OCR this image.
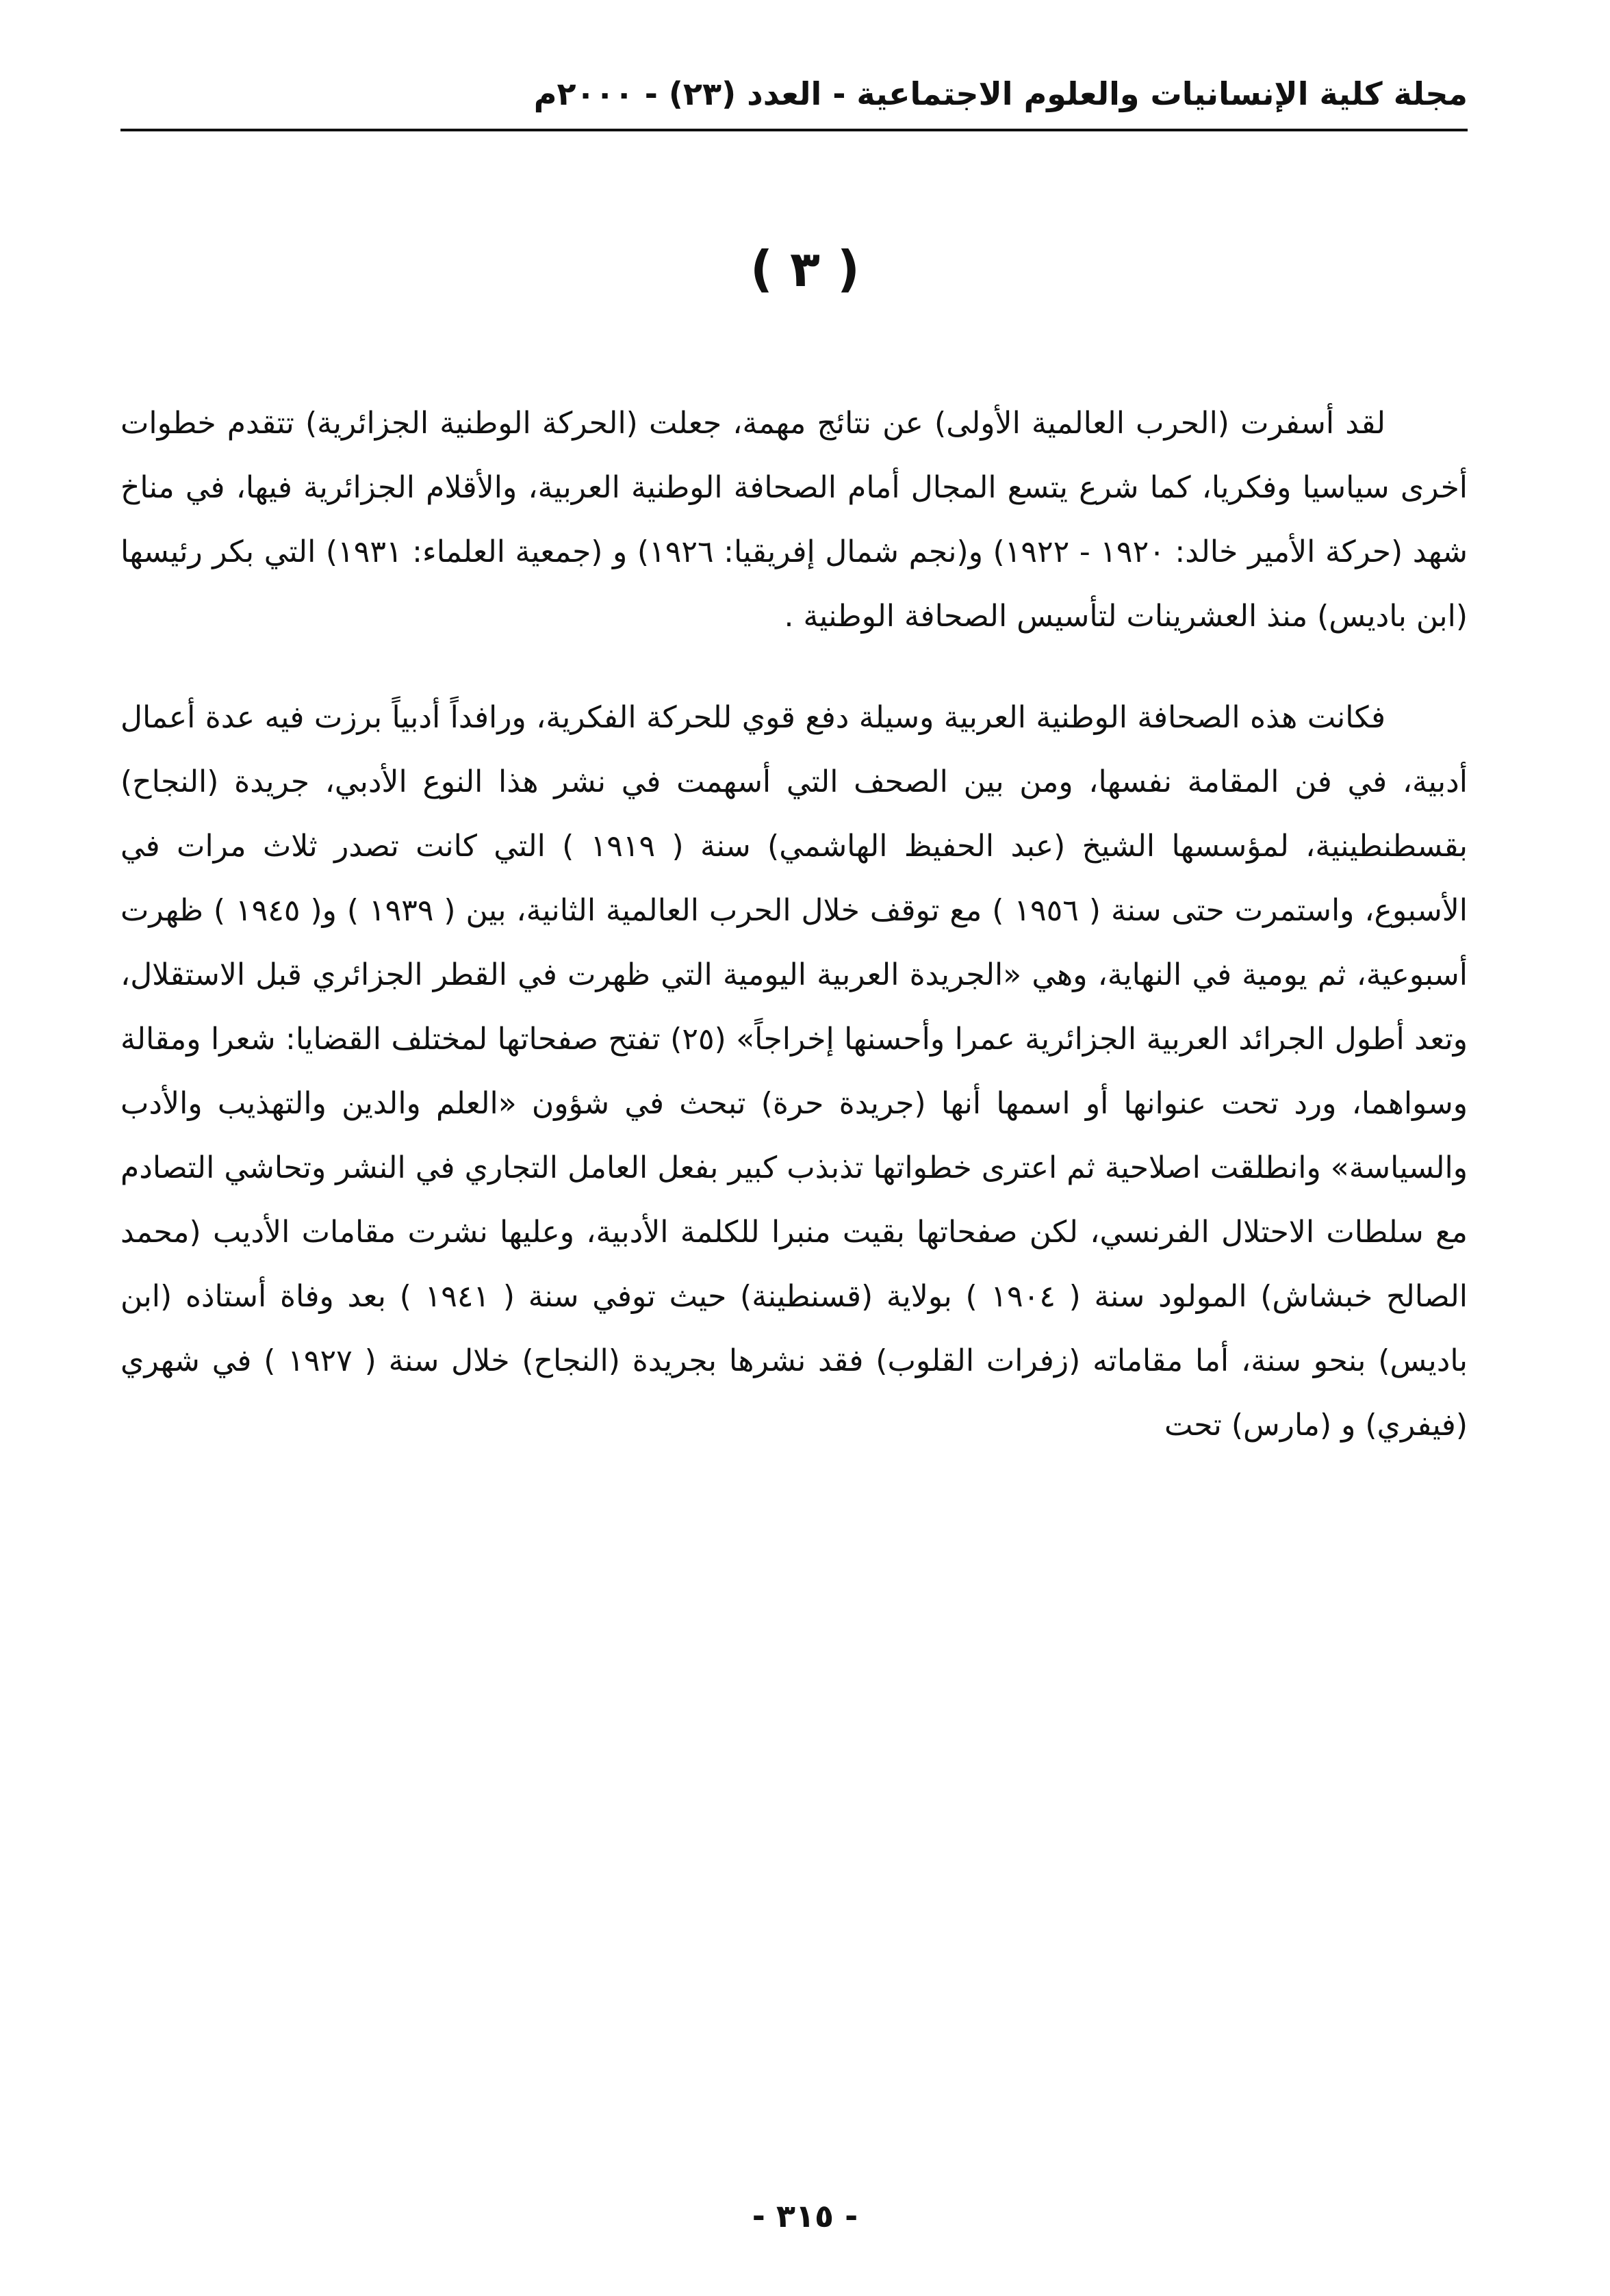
مجلة كلية الإنسانيات والعلوم الاجتماعية - العدد (٢٣) - ٢٠٠٠م
( ٣ )

لقد أسفرت (الحرب العالمية الأولى) عن نتائج مهمة، جعلت (الحركة الوطنية الجزائرية) تتقدم خطوات أخرى سياسيا وفكريا، كما شرع يتسع المجال أمام الصحافة الوطنية العربية، والأقلام الجزائرية فيها، في مناخ شهد (حركة الأمير خالد: ١٩٢٠ - ١٩٢٢) و(نجم شمال إفريقيا: ١٩٢٦) و (جمعية العلماء: ١٩٣١) التي بكر رئيسها (ابن باديس) منذ العشرينات لتأسيس الصحافة الوطنية .

فكانت هذه الصحافة الوطنية العربية وسيلة دفع قوي للحركة الفكرية، ورافداً أدبياً برزت فيه عدة أعمال أدبية، في فن المقامة نفسها، ومن بين الصحف التي أسهمت في نشر هذا النوع الأدبي، جريدة (النجاح) بقسطنطينية، لمؤسسها الشيخ (عبد الحفيظ الهاشمي) سنة ( ١٩١٩ ) التي كانت تصدر ثلاث مرات في الأسبوع، واستمرت حتى سنة ( ١٩٥٦ ) مع توقف خلال الحرب العالمية الثانية، بين ( ١٩٣٩ ) و( ١٩٤٥ ) ظهرت أسبوعية، ثم يومية في النهاية، وهي «الجريدة العربية اليومية التي ظهرت في القطر الجزائري قبل الاستقلال، وتعد أطول الجرائد العربية الجزائرية عمرا وأحسنها إخراجاً» (٢٥) تفتح صفحاتها لمختلف القضايا: شعرا ومقالة وسواهما، ورد تحت عنوانها أو اسمها أنها (جريدة حرة) تبحث في شؤون «العلم والدين والتهذيب والأدب والسياسة» وانطلقت اصلاحية ثم اعترى خطواتها تذبذب كبير بفعل العامل التجاري في النشر وتحاشي التصادم مع سلطات الاحتلال الفرنسي، لكن صفحاتها بقيت منبرا للكلمة الأدبية، وعليها نشرت مقامات الأديب (محمد الصالح خبشاش) المولود سنة ( ١٩٠٤ ) بولاية (قسنطينة) حيث توفي سنة ( ١٩٤١ ) بعد وفاة أستاذه (ابن باديس) بنحو سنة، أما مقاماته (زفرات القلوب) فقد نشرها بجريدة (النجاح) خلال سنة ( ١٩٢٧ ) في شهري (فيفري) و (مارس) تحت

- ٣١٥ -
